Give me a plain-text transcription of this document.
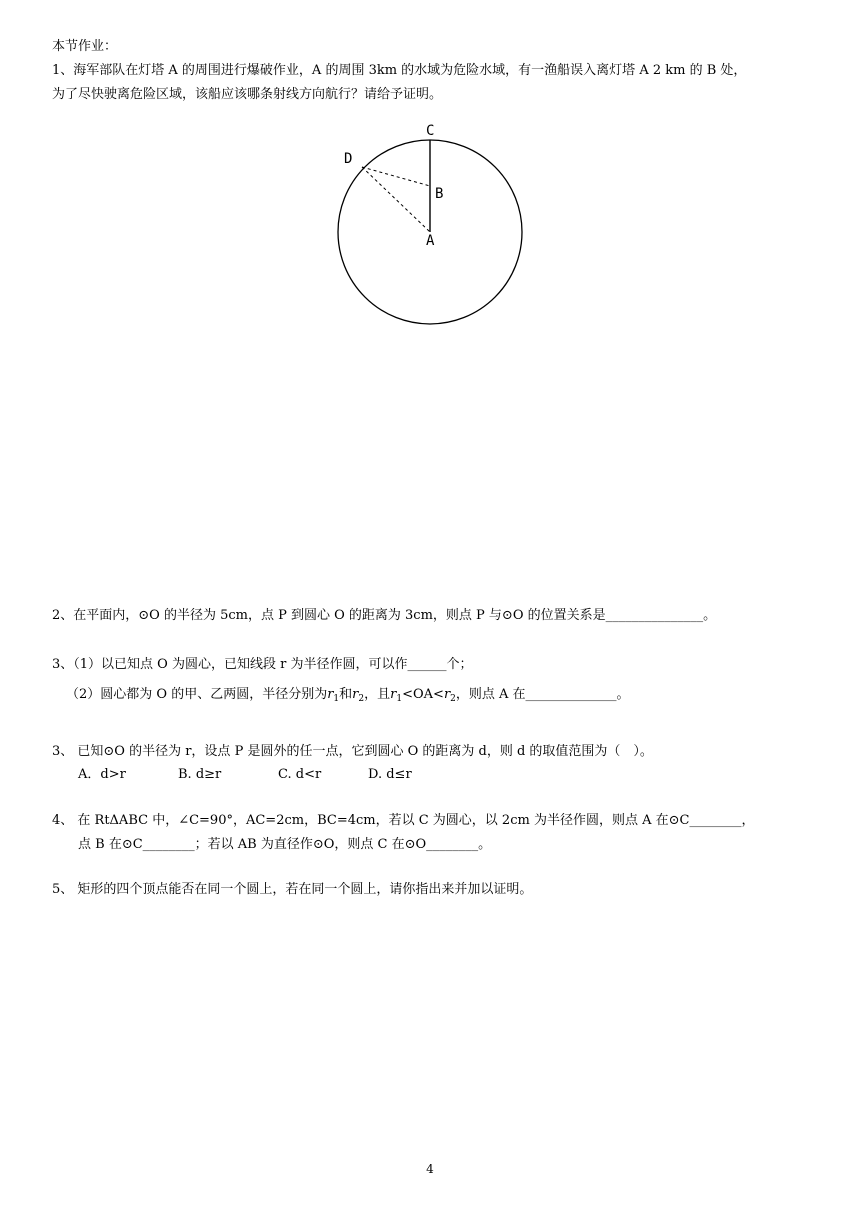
本节作业：
1、海军部队在灯塔 A 的周围进行爆破作业，A 的周围 3km 的水域为危险水域，有一渔船误入离灯塔 A 2 km 的 B 处，
为了尽快驶离危险区域，该船应该哪条射线方向航行？请给予证明。
C
D
B
A
2、在平面内，⊙O 的半径为 5cm，点 P 到圆心 O 的距离为 3cm，则点 P 与⊙O 的位置关系是_______________。
3、（1）以已知点 O 为圆心，已知线段 r 为半径作圆，可以作______个；
（2）圆心都为 O 的甲、乙两圆，半径分别为$r_1$和$r_2$，且$r_1<OA<r_2$，则点 A 在______________。
3、 已知⊙O 的半径为 r，设点 P 是圆外的任一点，它到圆心 O 的距离为 d，则 d 的取值范围为（　）。
A．d>r	B. d≥r	C. d<r	D. d≤r
4、 在 RtΔABC 中，∠C=90°，AC=2cm，BC=4cm，若以 C 为圆心，以 2cm 为半径作圆，则点 A 在⊙C________，
点 B 在⊙C________；若以 AB 为直径作⊙O，则点 C 在⊙O________。
5、 矩形的四个顶点能否在同一个圆上，若在同一个圆上，请你指出来并加以证明。
4
